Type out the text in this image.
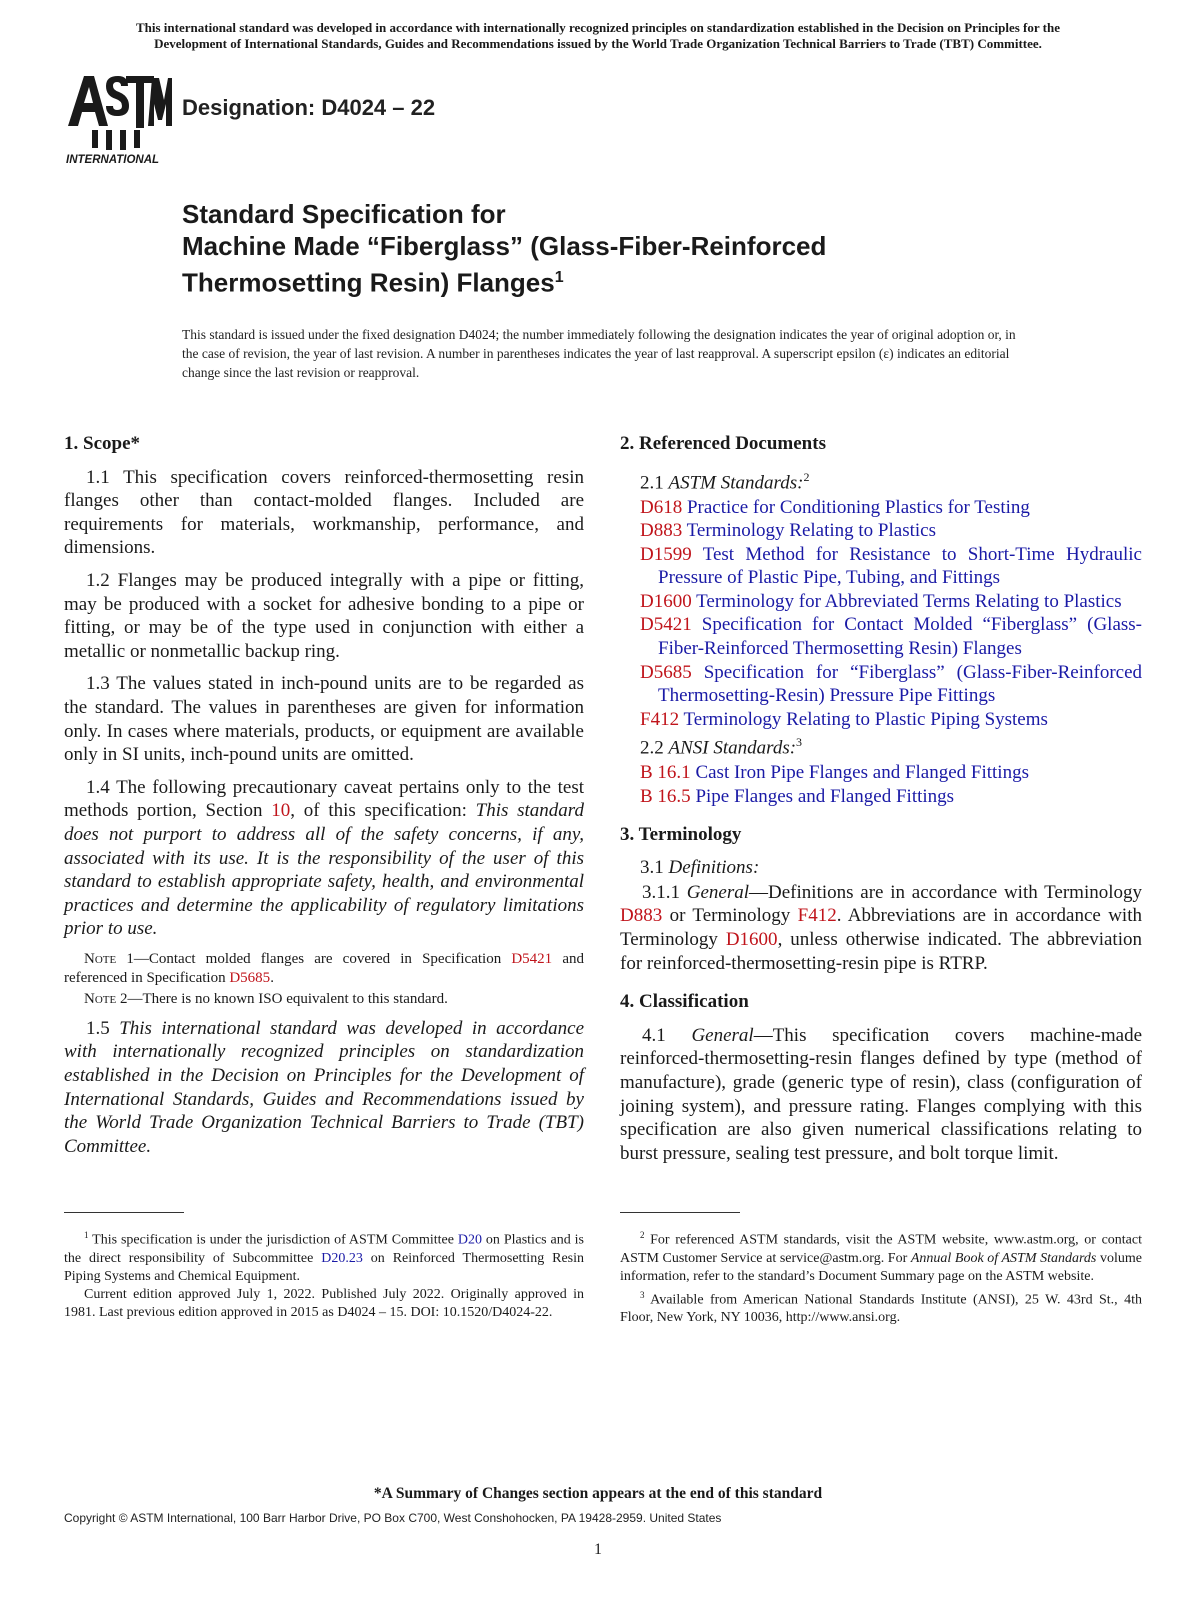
This international standard was developed in accordance with internationally recognized principles on standardization established in the Decision on Principles for the
Development of International Standards, Guides and Recommendations issued by the World Trade Organization Technical Barriers to Trade (TBT) Committee.
INTERNATIONAL
Designation: D4024 – 22
Standard Specification for
Machine Made “Fiberglass” (Glass-Fiber-Reinforced
Thermosetting Resin) Flanges$^1$
This standard is issued under the fixed designation D4024; the number immediately following the designation indicates the year of original adoption or, in the case of revision, the year of last revision. A number in parentheses indicates the year of last reapproval. A superscript epsilon (ε) indicates an editorial change since the last revision or reapproval.
1. Scope*

1.1 This specification covers reinforced-thermosetting resin flanges other than contact-molded flanges. Included are requirements for materials, workmanship, performance, and dimensions.

1.2 Flanges may be produced integrally with a pipe or fitting, may be produced with a socket for adhesive bonding to a pipe or fitting, or may be of the type used in conjunction with either a metallic or nonmetallic backup ring.

1.3 The values stated in inch-pound units are to be regarded as the standard. The values in parentheses are given for information only. In cases where materials, products, or equipment are available only in SI units, inch-pound units are omitted.

1.4 The following precautionary caveat pertains only to the test methods portion, Section 10, of this specification: This standard does not purport to address all of the safety concerns, if any, associated with its use. It is the responsibility of the user of this standard to establish appropriate safety, health, and environmental practices and determine the applicability of regulatory limitations prior to use.

Note 1—Contact molded flanges are covered in Specification D5421 and referenced in Specification D5685.
Note 2—There is no known ISO equivalent to this standard.

1.5 This international standard was developed in accordance with internationally recognized principles on standardization established in the Decision on Principles for the Development of International Standards, Guides and Recommendations issued by the World Trade Organization Technical Barriers to Trade (TBT) Committee.

2. Referenced Documents
2.1 ASTM Standards:$^2$
D618 Practice for Conditioning Plastics for Testing
D883 Terminology Relating to Plastics
D1599 Test Method for Resistance to Short-Time Hydraulic Pressure of Plastic Pipe, Tubing, and Fittings
D1600 Terminology for Abbreviated Terms Relating to Plastics
D5421 Specification for Contact Molded “Fiberglass” (Glass-Fiber-Reinforced Thermosetting Resin) Flanges
D5685 Specification for “Fiberglass” (Glass-Fiber-Reinforced Thermosetting-Resin) Pressure Pipe Fittings
F412 Terminology Relating to Plastic Piping Systems
2.2 ANSI Standards:$^3$
B 16.1 Cast Iron Pipe Flanges and Flanged Fittings
B 16.5 Pipe Flanges and Flanged Fittings
3. Terminology
3.1 Definitions:

3.1.1 General—Definitions are in accordance with Terminology D883 or Terminology F412. Abbreviations are in accordance with Terminology D1600, unless otherwise indicated. The abbreviation for reinforced-thermosetting-resin pipe is RTRP.

4. Classification

4.1 General—This specification covers machine-made reinforced-thermosetting-resin flanges defined by type (method of manufacture), grade (generic type of resin), class (configuration of joining system), and pressure rating. Flanges complying with this specification are also given numerical classifications relating to burst pressure, sealing test pressure, and bolt torque limit.

$^1$ This specification is under the jurisdiction of ASTM Committee D20 on Plastics and is the direct responsibility of Subcommittee D20.23 on Reinforced Thermosetting Resin Piping Systems and Chemical Equipment.

Current edition approved July 1, 2022. Published July 2022. Originally approved in 1981. Last previous edition approved in 2015 as D4024 – 15. DOI: 10.1520/D4024-22.

$^2$ For referenced ASTM standards, visit the ASTM website, www.astm.org, or contact ASTM Customer Service at service@astm.org. For Annual Book of ASTM Standards volume information, refer to the standard’s Document Summary page on the ASTM website.

$^3$ Available from American National Standards Institute (ANSI), 25 W. 43rd St., 4th Floor, New York, NY 10036, http://www.ansi.org.

*A Summary of Changes section appears at the end of this standard
Copyright © ASTM International, 100 Barr Harbor Drive, PO Box C700, West Conshohocken, PA 19428-2959. United States
1
